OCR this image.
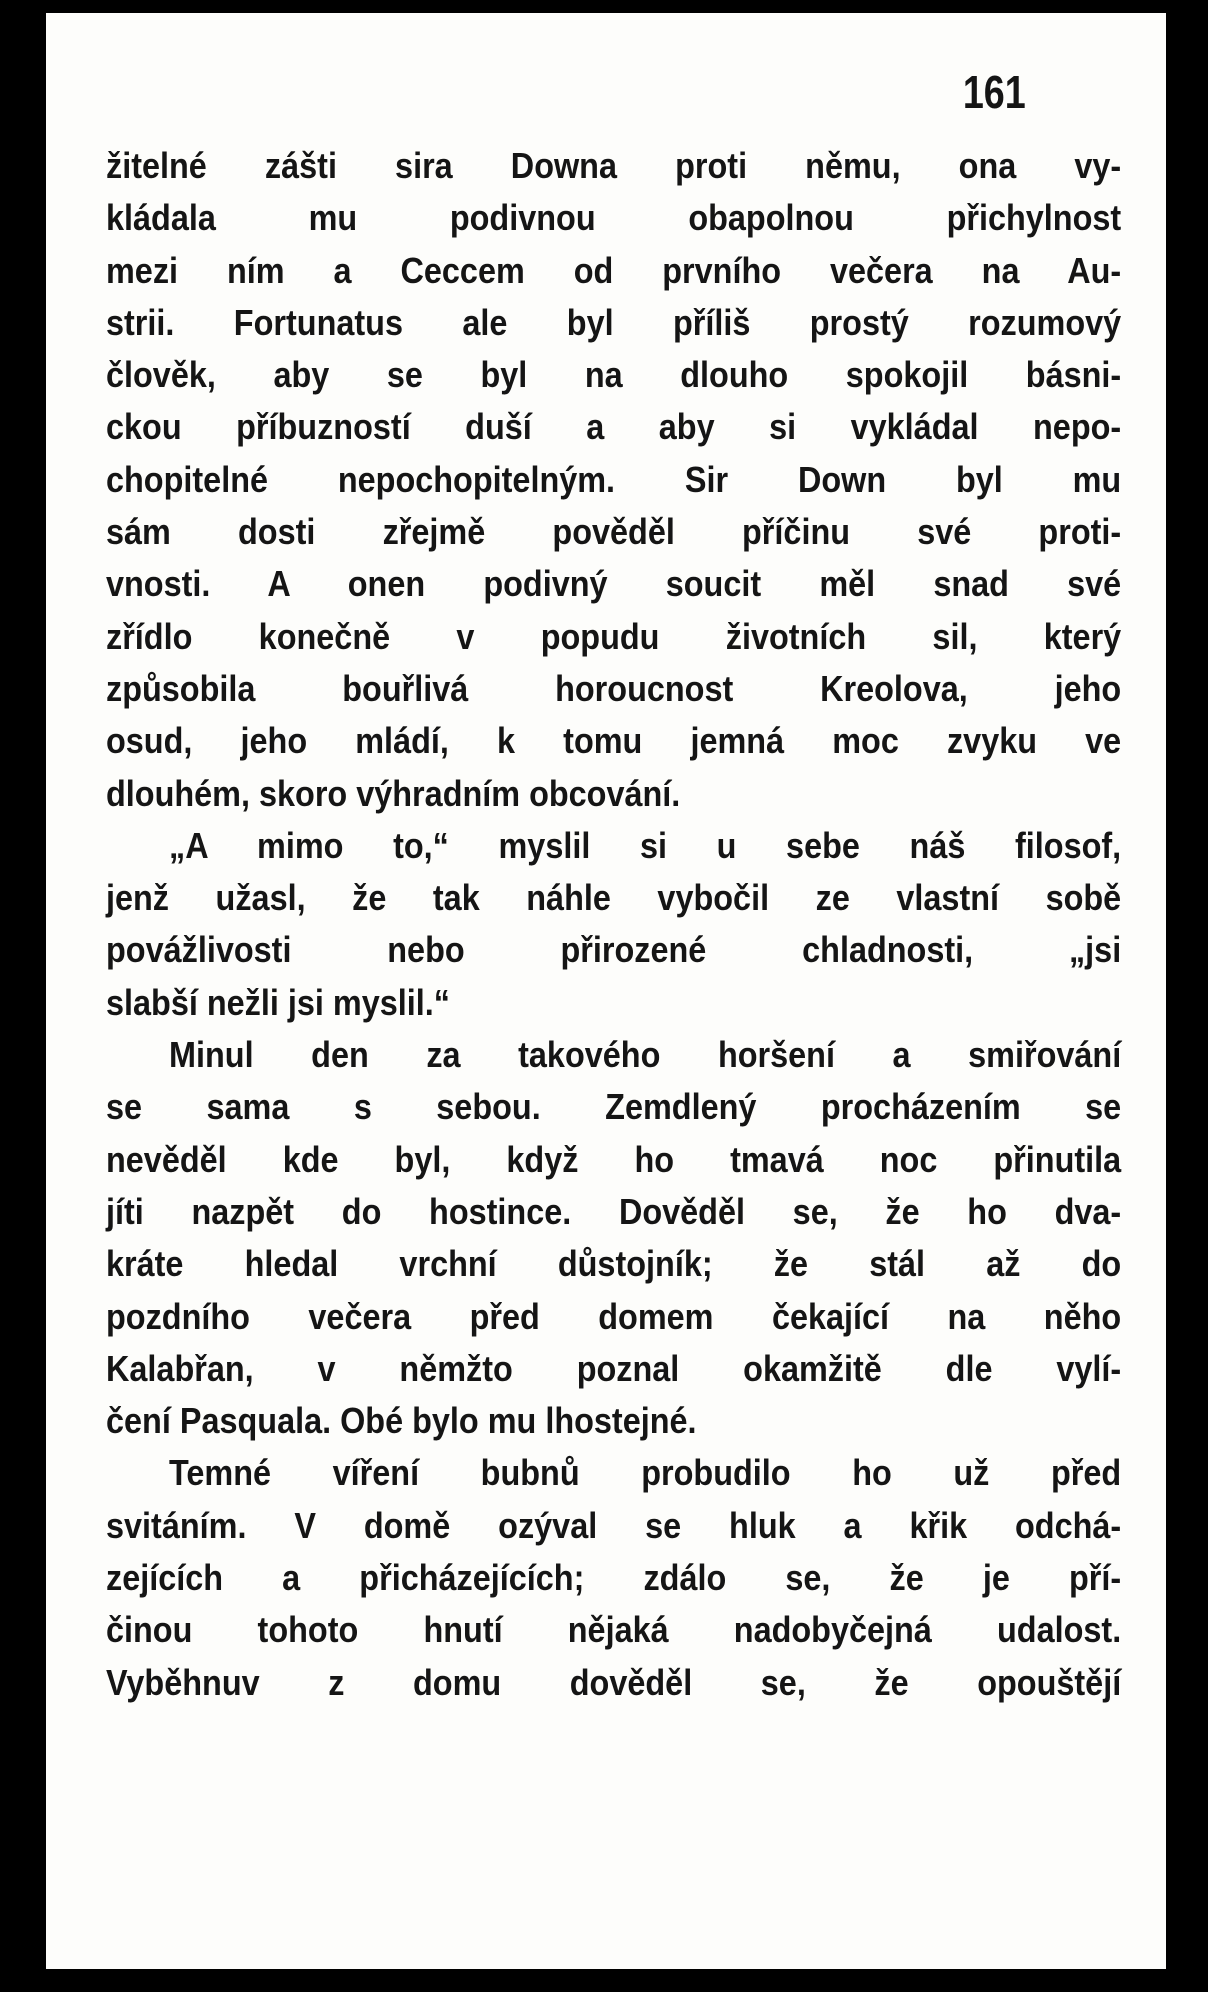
161

žitelné zášti sira Downa proti němu, ona vy-
kládala mu podivnou obapolnou přichylnost
mezi ním a Ceccem od prvního večera na Au-
strii. Fortunatus ale byl příliš prostý rozumový
člověk, aby se byl na dlouho spokojil básni-
ckou příbuzností duší a aby si vykládal nepo-
chopitelné nepochopitelným. Sir Down byl mu
sám dosti zřejmě pověděl příčinu své proti-
vnosti. A onen podivný soucit měl snad své
zřídlo konečně v popudu životních sil, který
způsobila bouřlivá horoucnost Kreolova, jeho
osud, jeho mládí, k tomu jemná moc zvyku ve
dlouhém, skoro výhradním obcování.
„A mimo to,“ myslil si u sebe náš filosof,
jenž užasl, že tak náhle vybočil ze vlastní sobě
povážlivosti nebo přirozené chladnosti, „jsi
slabší nežli jsi myslil.“
Minul den za takového horšení a smiřování
se sama s sebou. Zemdlený procházením se
nevěděl kde byl, když ho tmavá noc přinutila
jíti nazpět do hostince. Dověděl se, že ho dva-
kráte hledal vrchní důstojník; že stál až do
pozdního večera před domem čekající na něho
Kalabřan, v němžto poznal okamžitě dle vylí-
čení Pasquala. Obé bylo mu lhostejné.
Temné víření bubnů probudilo ho už před
svitáním. V domě ozýval se hluk a křik odchá-
zejících a přicházejících; zdálo se, že je pří-
činou tohoto hnutí nějaká nadobyčejná udalost.
Vyběhnuv z domu dověděl se, že opouštějí
